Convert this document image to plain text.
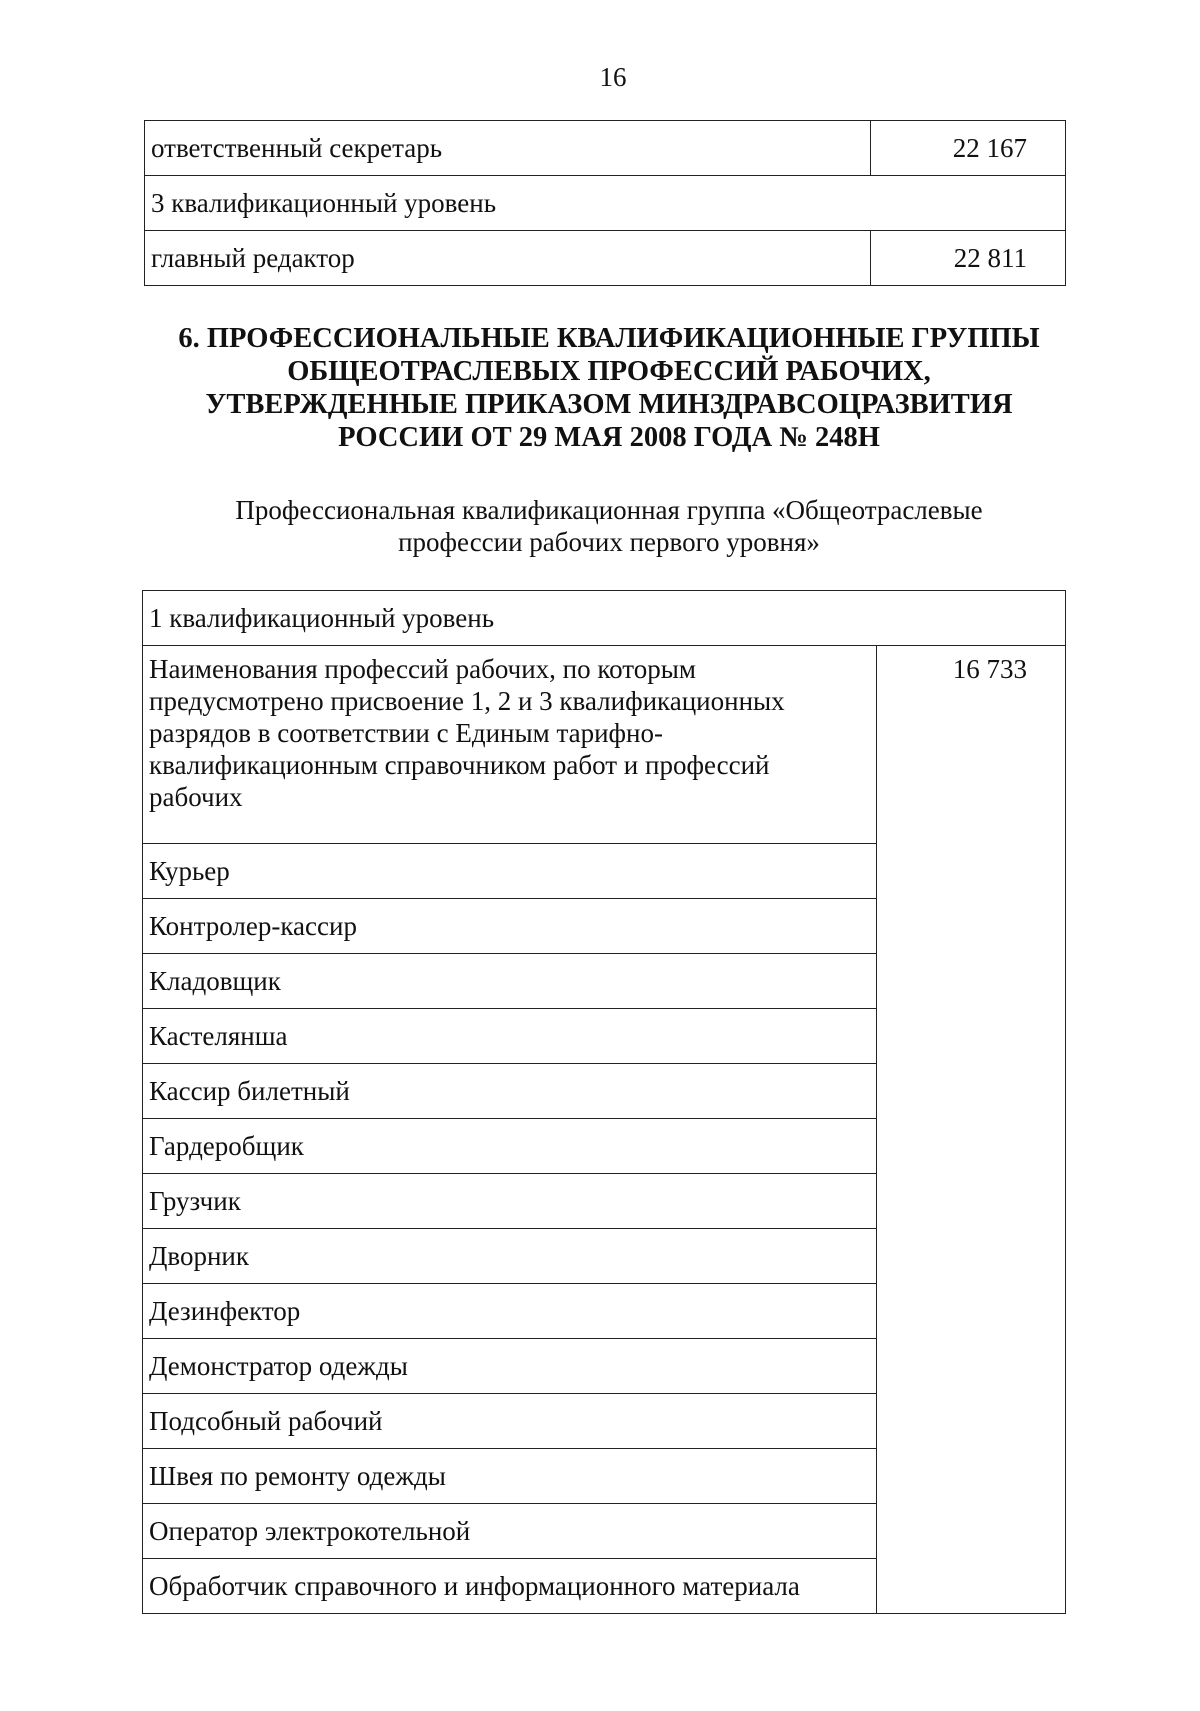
16
ответственный секретарь	22 167
3 квалификационный уровень	
главный редактор	22 811
6. ПРОФЕССИОНАЛЬНЫЕ КВАЛИФИКАЦИОННЫЕ ГРУППЫ
ОБЩЕОТРАСЛЕВЫХ ПРОФЕССИЙ РАБОЧИХ,
УТВЕРЖДЕННЫЕ ПРИКАЗОМ МИНЗДРАВСОЦРАЗВИТИЯ
РОССИИ ОТ 29 МАЯ 2008 ГОДА № 248Н

Профессиональная квалификационная группа «Общеотраслевые
профессии рабочих первого уровня»

1 квалификационный уровень
Наименования профессий рабочих, по которым предусмотрено присвоение 1, 2 и 3 квалификационных разрядов в соответствии с Единым тарифно-квалификационным справочником работ и профессий рабочих	16 733
Курьер
Контролер-кассир
Кладовщик
Кастелянша
Кассир билетный
Гардеробщик
Грузчик
Дворник
Дезинфектор
Демонстратор одежды
Подсобный рабочий
Швея по ремонту одежды
Оператор электрокотельной
Обработчик справочного и информационного материала
